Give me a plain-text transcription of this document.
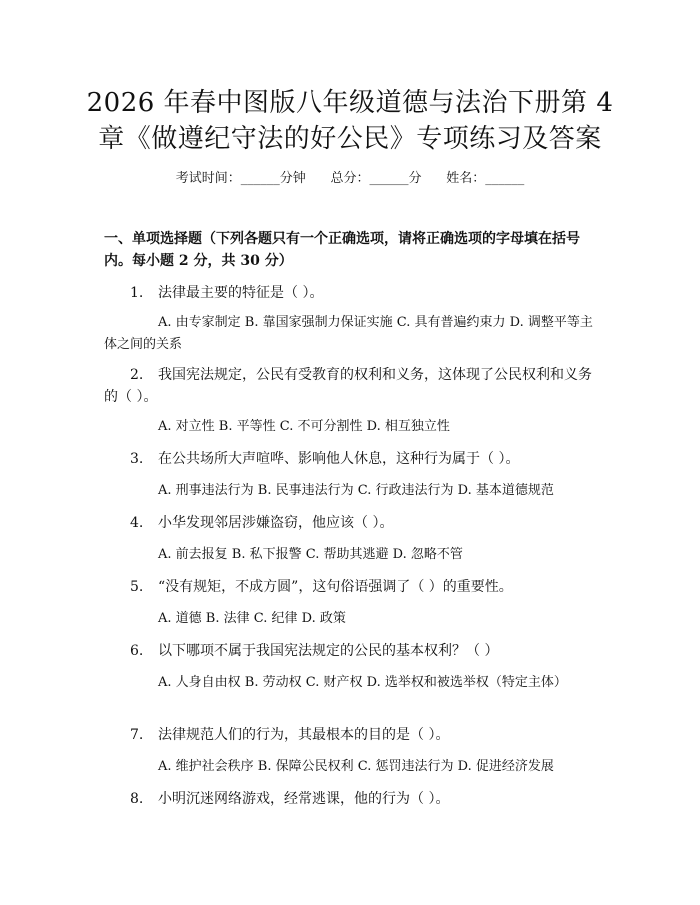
2026 年春中图版八年级道德与法治下册第 4
章《做遵纪守法的好公民》专项练习及答案
考试时间：______分钟      总分：______分      姓名：______
一、单项选择题（下列各题只有一个正确选项，请将正确选项的字母填在括号内。每小题 2 分，共 30 分）
1. 法律最主要的特征是（ ）。
A. 由专家制定 B. 靠国家强制力保证实施 C. 具有普遍约束力 D. 调整平等主体之间的关系
2. 我国宪法规定，公民有受教育的权利和义务，这体现了公民权利和义务的（ ）。
A. 对立性 B. 平等性 C. 不可分割性 D. 相互独立性
3. 在公共场所大声喧哗、影响他人休息，这种行为属于（ ）。
A. 刑事违法行为 B. 民事违法行为 C. 行政违法行为 D. 基本道德规范
4. 小华发现邻居涉嫌盗窃，他应该（ ）。
A. 前去报复 B. 私下报警 C. 帮助其逃避 D. 忽略不管
5. “没有规矩，不成方圆”，这句俗语强调了（ ）的重要性。
A. 道德 B. 法律 C. 纪律 D. 政策
6. 以下哪项不属于我国宪法规定的公民的基本权利？（ ）
A. 人身自由权 B. 劳动权 C. 财产权 D. 选举权和被选举权（特定主体）
7. 法律规范人们的行为，其最根本的目的是（ ）。
A. 维护社会秩序 B. 保障公民权利 C. 惩罚违法行为 D. 促进经济发展
8. 小明沉迷网络游戏，经常逃课，他的行为（ ）。
